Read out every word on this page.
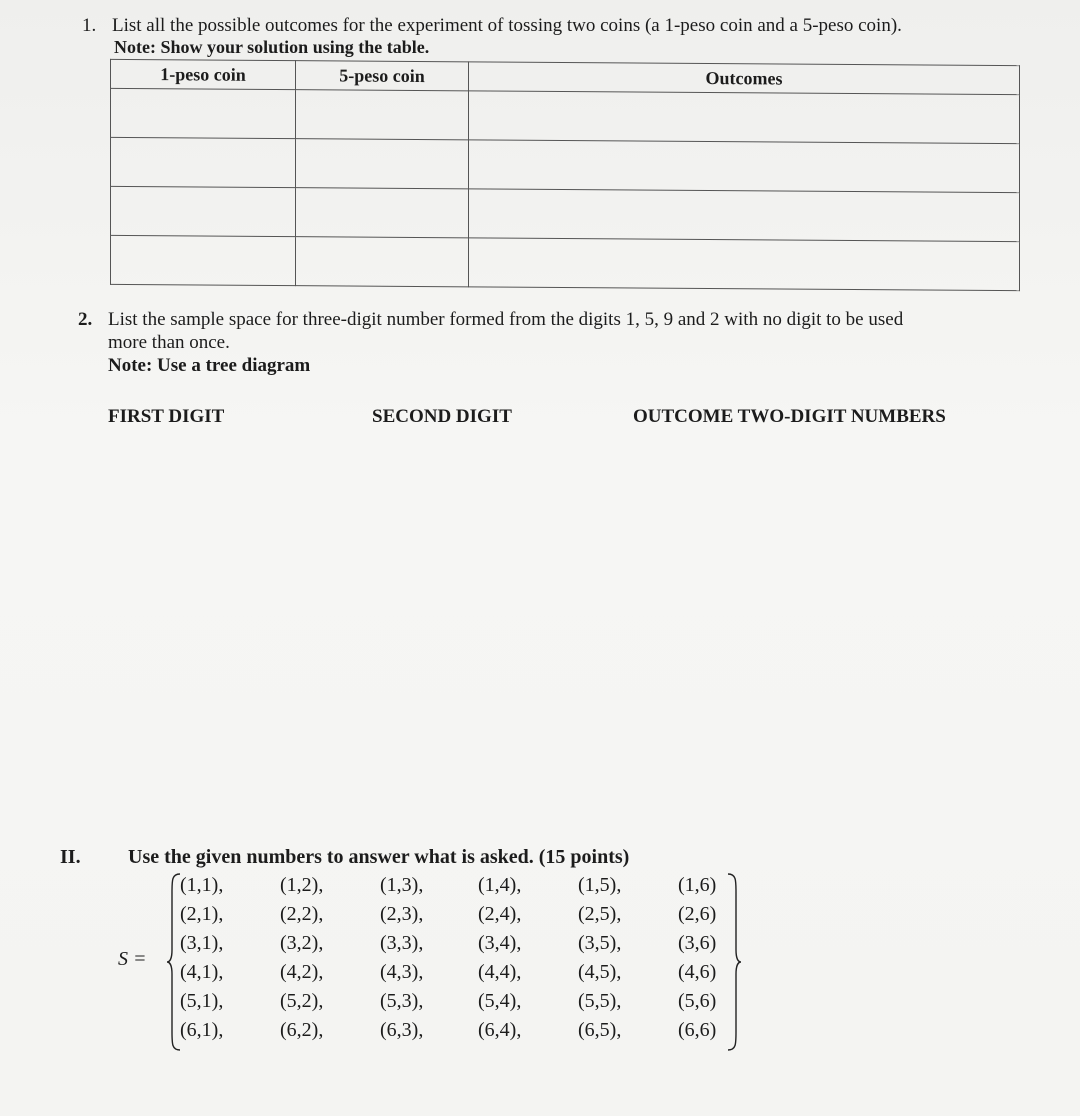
1. List all the possible outcomes for the experiment of tossing two coins (a 1-peso coin and a 5-peso coin).
Note: Show your solution using the table.
1-peso coin	5-peso coin	Outcomes

2. List the sample space for three-digit number formed from the digits 1, 5, 9 and 2 with no digit to be used
more than once.
Note: Use a tree diagram
FIRST DIGIT	SECOND DIGIT	OUTCOME TWO-DIGIT NUMBERS
II. Use the given numbers to answer what is asked. (15 points)
S =
(1,1),	(1,2),	(1,3),	(1,4),	(1,5),	(1,6)
(2,1),	(2,2),	(2,3),	(2,4),	(2,5),	(2,6)
(3,1),	(3,2),	(3,3),	(3,4),	(3,5),	(3,6)
(4,1),	(4,2),	(4,3),	(4,4),	(4,5),	(4,6)
(5,1),	(5,2),	(5,3),	(5,4),	(5,5),	(5,6)
(6,1),	(6,2),	(6,3),	(6,4),	(6,5),	(6,6)
